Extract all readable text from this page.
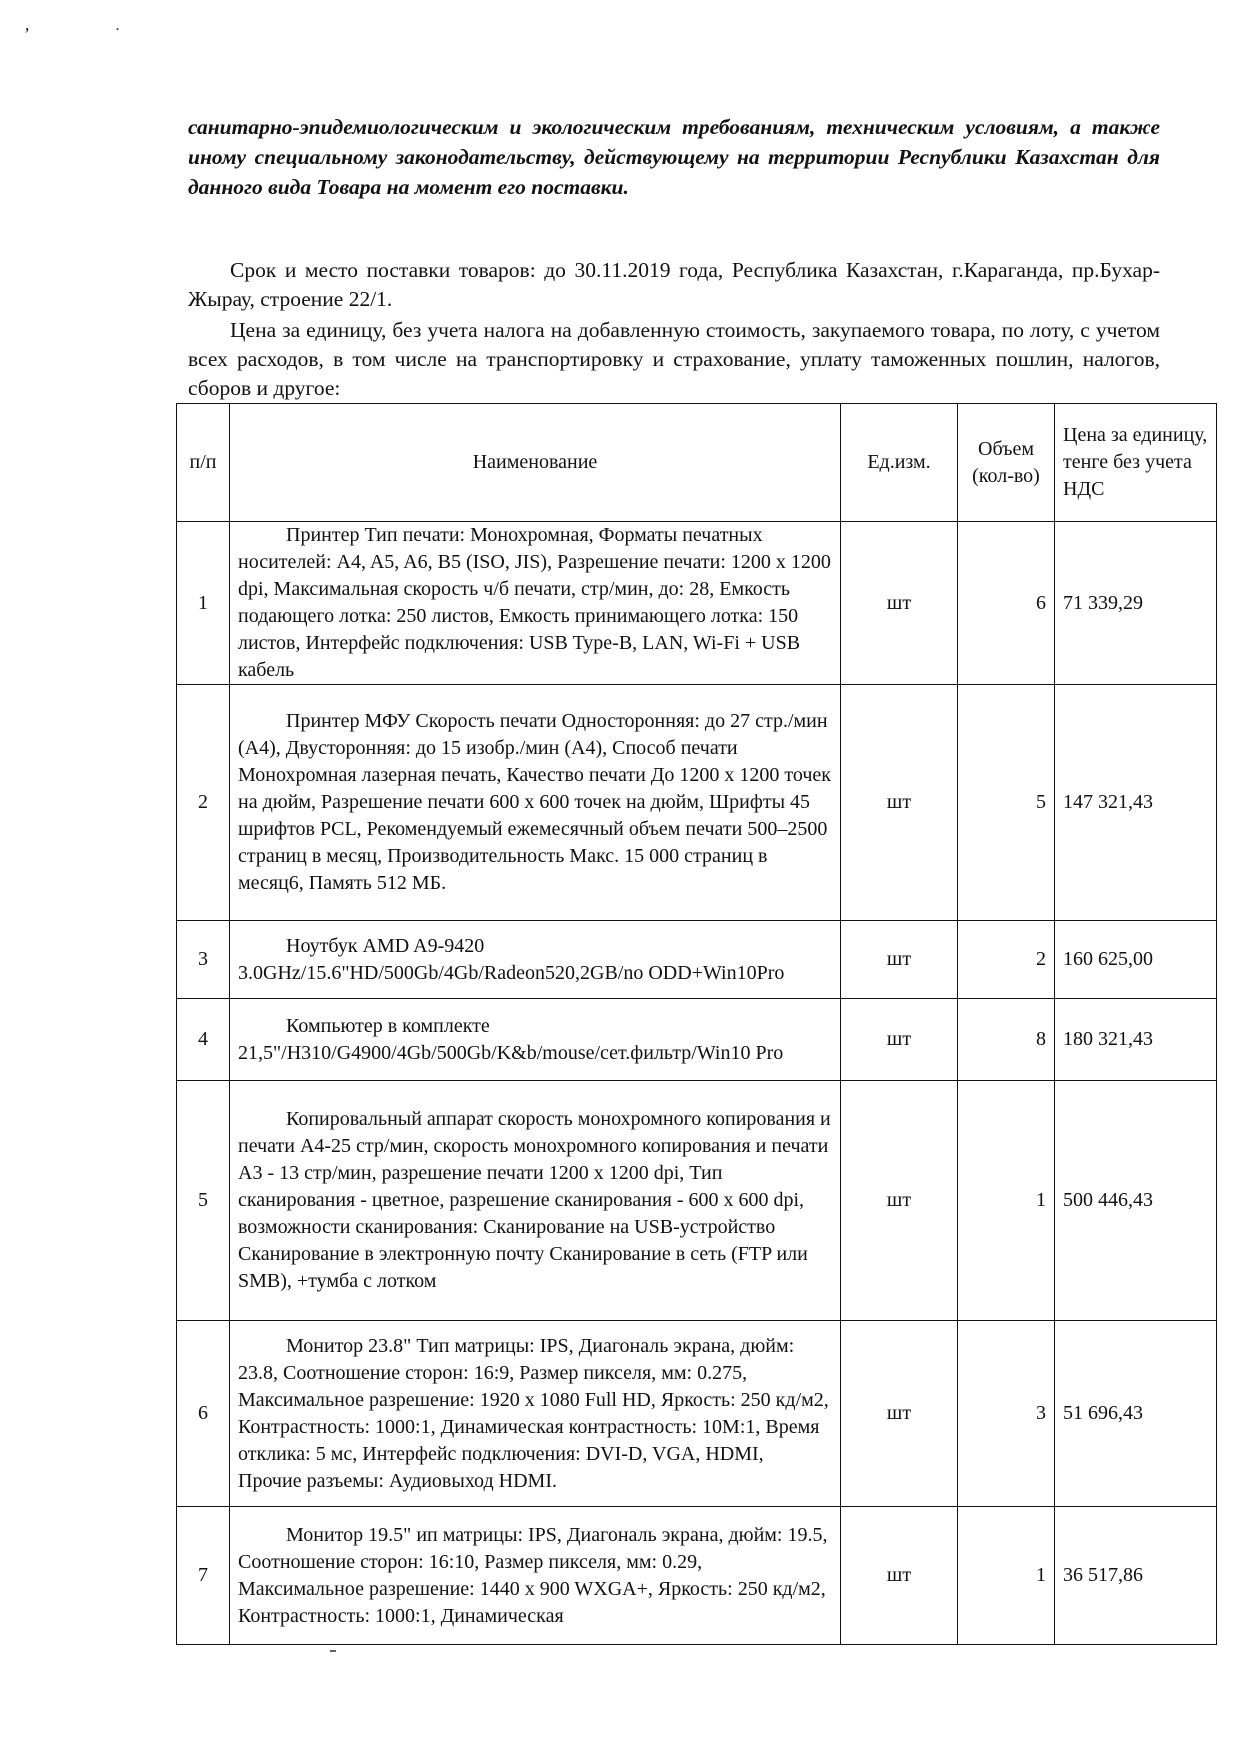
ʼ ˙
санитарно-эпидемиологическим и экологическим требованиям, техническим условиям, а также иному специальному законодательству, действующему на территории Республики Казахстан для данного вида Товара на момент его поставки.
Срок и место поставки товаров: до 30.11.2019 года, Республика Казахстан, г.Караганда, пр.Бухар-Жырау, строение 22/1.
Цена за единицу, без учета налога на добавленную стоимость, закупаемого товара, по лоту, с учетом всех расходов, в том числе на транспортировку и страхование, уплату таможенных пошлин, налогов, сборов и другое:
п/п	Наименование	Ед.изм.	Объем (кол-во)	Цена за единицу, тенге без учета НДС
1	Принтер Тип печати: Монохромная, Форматы печатных носителей: A4, A5, A6, B5 (ISO, JIS), Разрешение печати: 1200 x 1200 dpi, Максимальная скорость ч/б печати, стр/мин, до: 28, Емкость подающего лотка: 250 листов, Емкость принимающего лотка: 150 листов, Интерфейс подключения: USB Type-B, LAN, Wi-Fi + USB кабель	шт	6	71 339,29
2	Принтер МФУ Скорость печати Односторонняя: до 27 стр./мин (A4), Двусторонняя: до 15 изобр./мин (A4), Способ печати Монохромная лазерная печать, Качество печати До 1200 x 1200 точек на дюйм, Разрешение печати 600 x 600 точек на дюйм, Шрифты 45 шрифтов PCL, Рекомендуемый ежемесячный объем печати 500–2500 страниц в месяц, Производительность Макс. 15 000 страниц в месяц6, Память 512 МБ.	шт	5	147 321,43
3	Ноутбук AMD A9-9420 3.0GHz/15.6"HD/500Gb/4Gb/Radeon520,2GB/no ODD+Win10Pro	шт	2	160 625,00
4	Компьютер в комплекте 21,5"/H310/G4900/4Gb/500Gb/K&b/mouse/сет.фильтр/Win10 Pro	шт	8	180 321,43
5	Копировальный аппарат скорость монохромного копирования и печати А4-25 стр/мин, скорость монохромного копирования и печати А3 - 13 стр/мин, разрешение печати 1200 x 1200 dpi, Тип сканирования - цветное, разрешение сканирования - 600 x 600 dpi, возможности сканирования: Сканирование на USB-устройство Сканирование в электронную почту Сканирование в сеть (FTP или SMB), +тумба с лотком	шт	1	500 446,43
6	Монитор 23.8" Тип матрицы: IPS, Диагональ экрана, дюйм: 23.8, Соотношение сторон: 16:9, Размер пикселя, мм: 0.275, Максимальное разрешение: 1920 x 1080 Full HD, Яркость: 250 кд/м2, Контрастность: 1000:1, Динамическая контрастность: 10M:1, Время отклика: 5 мс, Интерфейс подключения: DVI-D, VGA, HDMI, Прочие разъемы: Аудиовыход HDMI.	шт	3	51 696,43
7	Монитор 19.5" ип матрицы: IPS, Диагональ экрана, дюйм: 19.5, Соотношение сторон: 16:10, Размер пикселя, мм: 0.29, Максимальное разрешение: 1440 x 900 WXGA+, Яркость: 250 кд/м2, Контрастность: 1000:1, Динамическая	шт	1	36 517,86
